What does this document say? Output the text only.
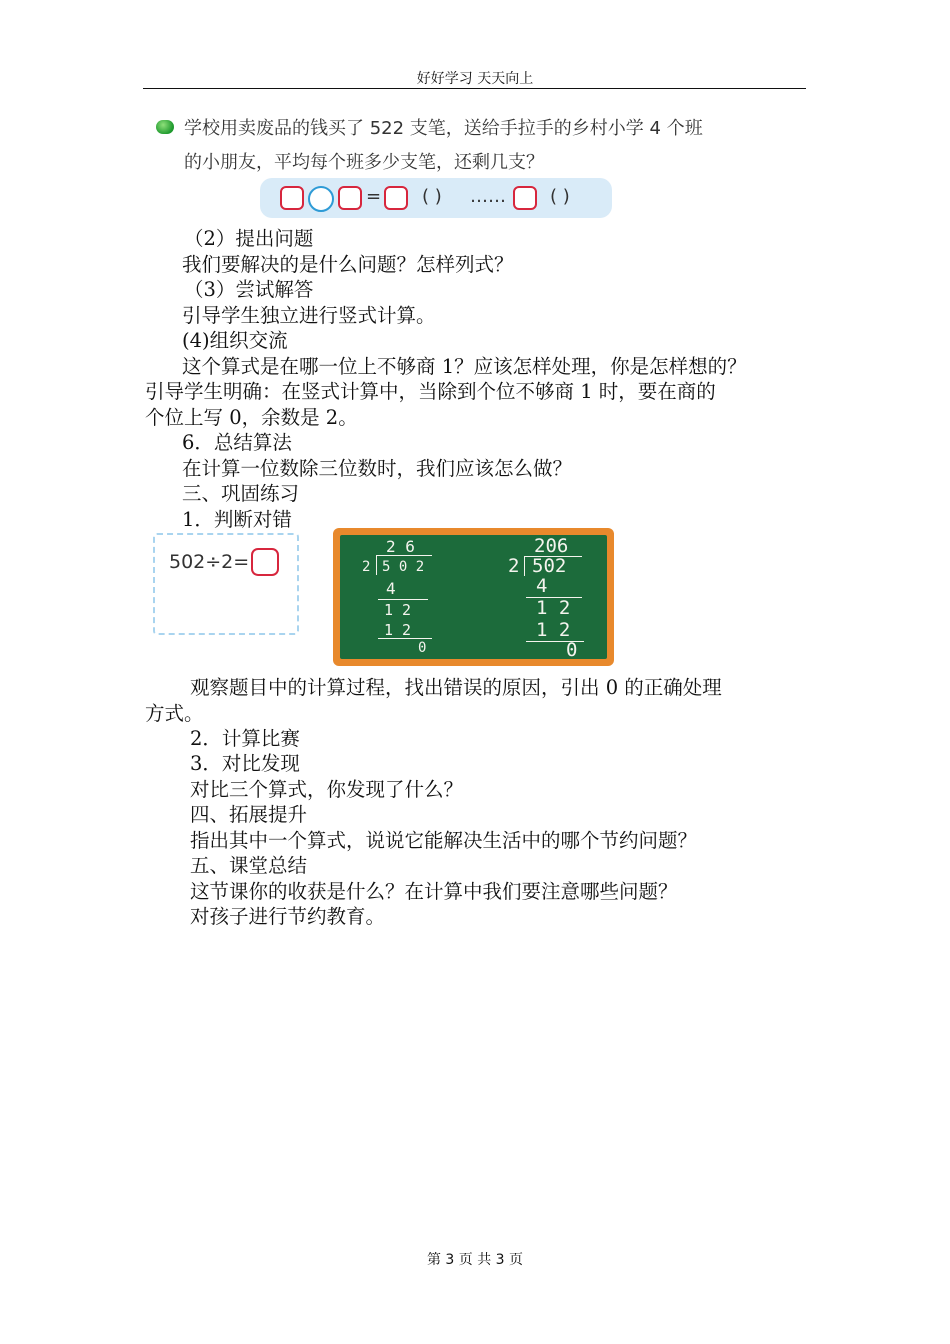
好好学习 天天向上
学校用卖废品的钱买了 522 支笔，送给手拉手的乡村小学 4 个班
的小朋友，平均每个班多少支笔，还剩几支？
= ( ) …… ( )
（2）提出问题
我们要解决的是什么问题？怎样列式？
（3）尝试解答
引导学生独立进行竖式计算。
(4)组织交流
这个算式是在哪一位上不够商 1？应该怎样处理，你是怎样想的？
引导学生明确：在竖式计算中，当除到个位不够商 1 时，要在商的
个位上写 0，余数是 2。
6．总结算法
在计算一位数除三位数时，我们应该怎么做？
三、巩固练习
1．判断对错
502÷2=
2 6
2 5 0 2
4
1 2
1 2
0
206
2 502
4
1 2
1 2
0
观察题目中的计算过程，找出错误的原因，引出 0 的正确处理
方式。
2．计算比赛
3．对比发现
对比三个算式，你发现了什么？
四、拓展提升
指出其中一个算式，说说它能解决生活中的哪个节约问题？
五、课堂总结
这节课你的收获是什么？在计算中我们要注意哪些问题？
对孩子进行节约教育。
第 3 页 共 3 页
